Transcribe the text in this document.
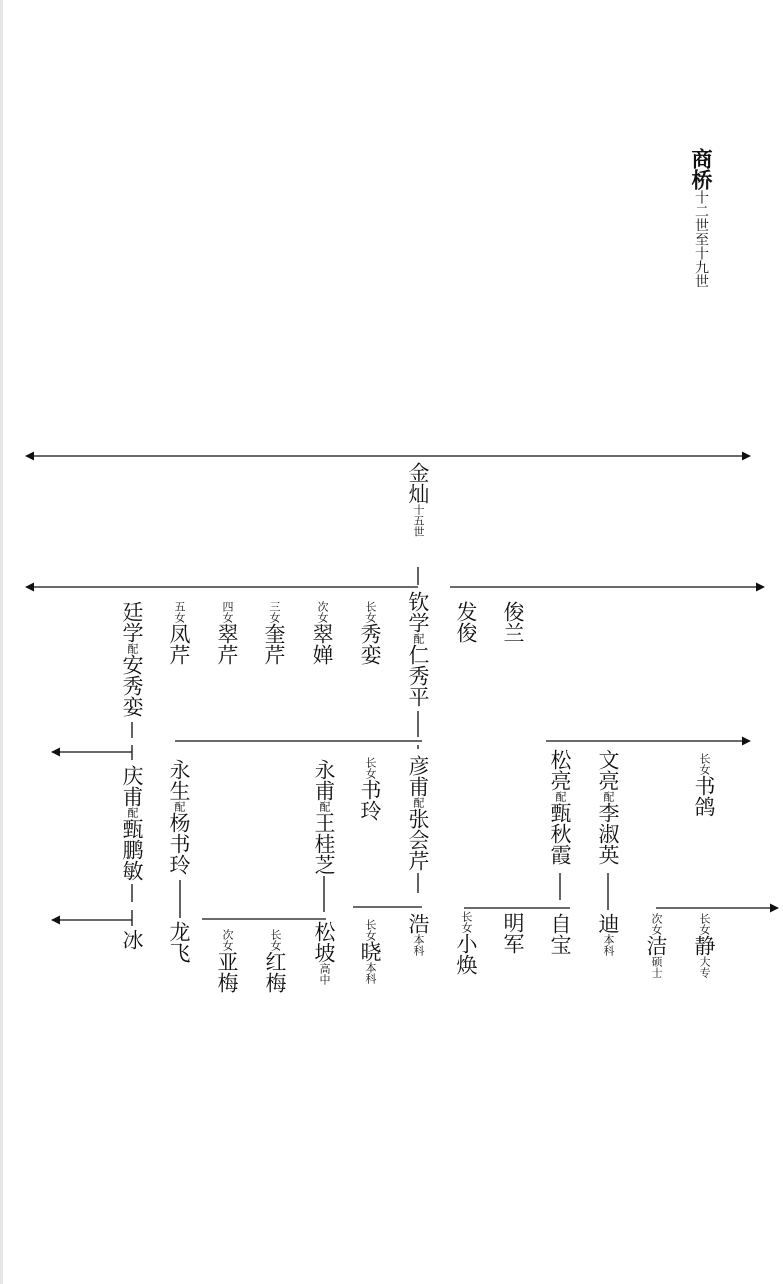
商桥十二世至十九世
金灿十五世
钦学配仁秀平
发俊 俊兰
长女秀娈
次女翠婵
三女奎芹
四女翠芹
五女凤芹
廷学配安秀娈
彦甫配张会芹
长女书玲
永甫配王桂芝
永生配杨书玲
庆甫配甄鹏敏
松亮配甄秋霞
文亮配李淑英
长女书鸽
浩本科
长女晓本科
松坡高中
长女红梅
次女亚梅
龙飞
冰
长女小焕 明军 自宝 迪本科
次女洁硕士
长女静大专
